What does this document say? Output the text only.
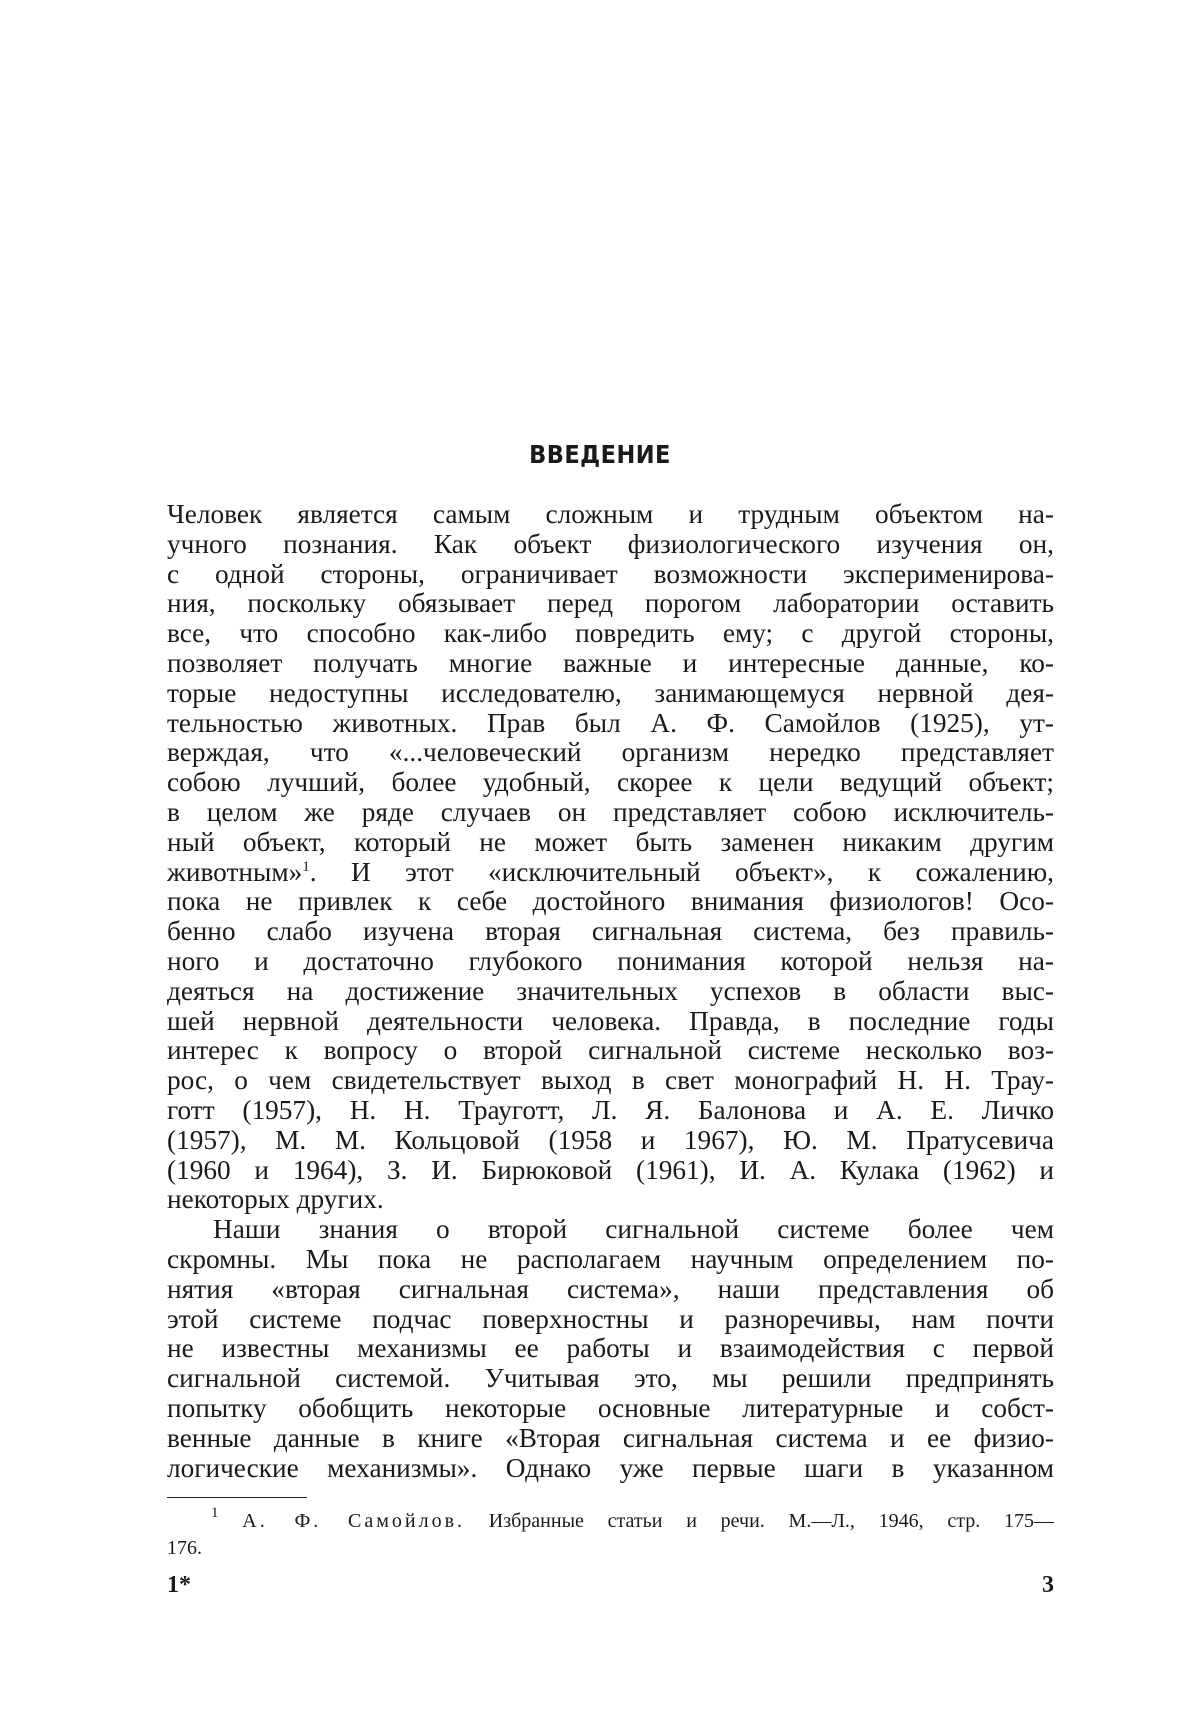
ВВЕДЕНИЕ
Человек является самым сложным и трудным объектом на-
учного познания. Как объект физиологического изучения он,
с одной стороны, ограничивает возможности эксперименирова-
ния, поскольку обязывает перед порогом лаборатории оставить
все, что способно как-либо повредить ему; с другой стороны,
позволяет получать многие важные и интересные данные, ко-
торые недоступны исследователю, занимающемуся нервной дея-
тельностью животных. Прав был А. Ф. Самойлов (1925), ут-
верждая, что «...человеческий организм нередко представляет
собою лучший, более удобный, скорее к цели ведущий объект;
в целом же ряде случаев он представляет собою исключитель-
ный объект, который не может быть заменен никаким другим
животным»$^1$. И этот «исключительный объект», к сожалению,
пока не привлек к себе достойного внимания физиологов! Осо-
бенно слабо изучена вторая сигнальная система, без правиль-
ного и достаточно глубокого понимания которой нельзя на-
деяться на достижение значительных успехов в области выс-
шей нервной деятельности человека. Правда, в последние годы
интерес к вопросу о второй сигнальной системе несколько воз-
рос, о чем свидетельствует выход в свет монографий Н. Н. Трау-
готт (1957), Н. Н. Трауготт, Л. Я. Балонова и А. Е. Личко
(1957), М. М. Кольцовой (1958 и 1967), Ю. М. Пратусевича
(1960 и 1964), З. И. Бирюковой (1961), И. А. Кулака (1962) и
некоторых других.
Наши знания о второй сигнальной системе более чем
скромны. Мы пока не располагаем научным определением по-
нятия «вторая сигнальная система», наши представления об
этой системе подчас поверхностны и разноречивы, нам почти
не известны механизмы ее работы и взаимодействия с первой
сигнальной системой. Учитывая это, мы решили предпринять
попытку обобщить некоторые основные литературные и собст-
венные данные в книге «Вторая сигнальная система и ее физио-
логические механизмы». Однако уже первые шаги в указанном
$^1$ А. Ф. Самойлов. Избранные статьи и речи. М.—Л., 1946, стр. 175—
176.
1*	3
